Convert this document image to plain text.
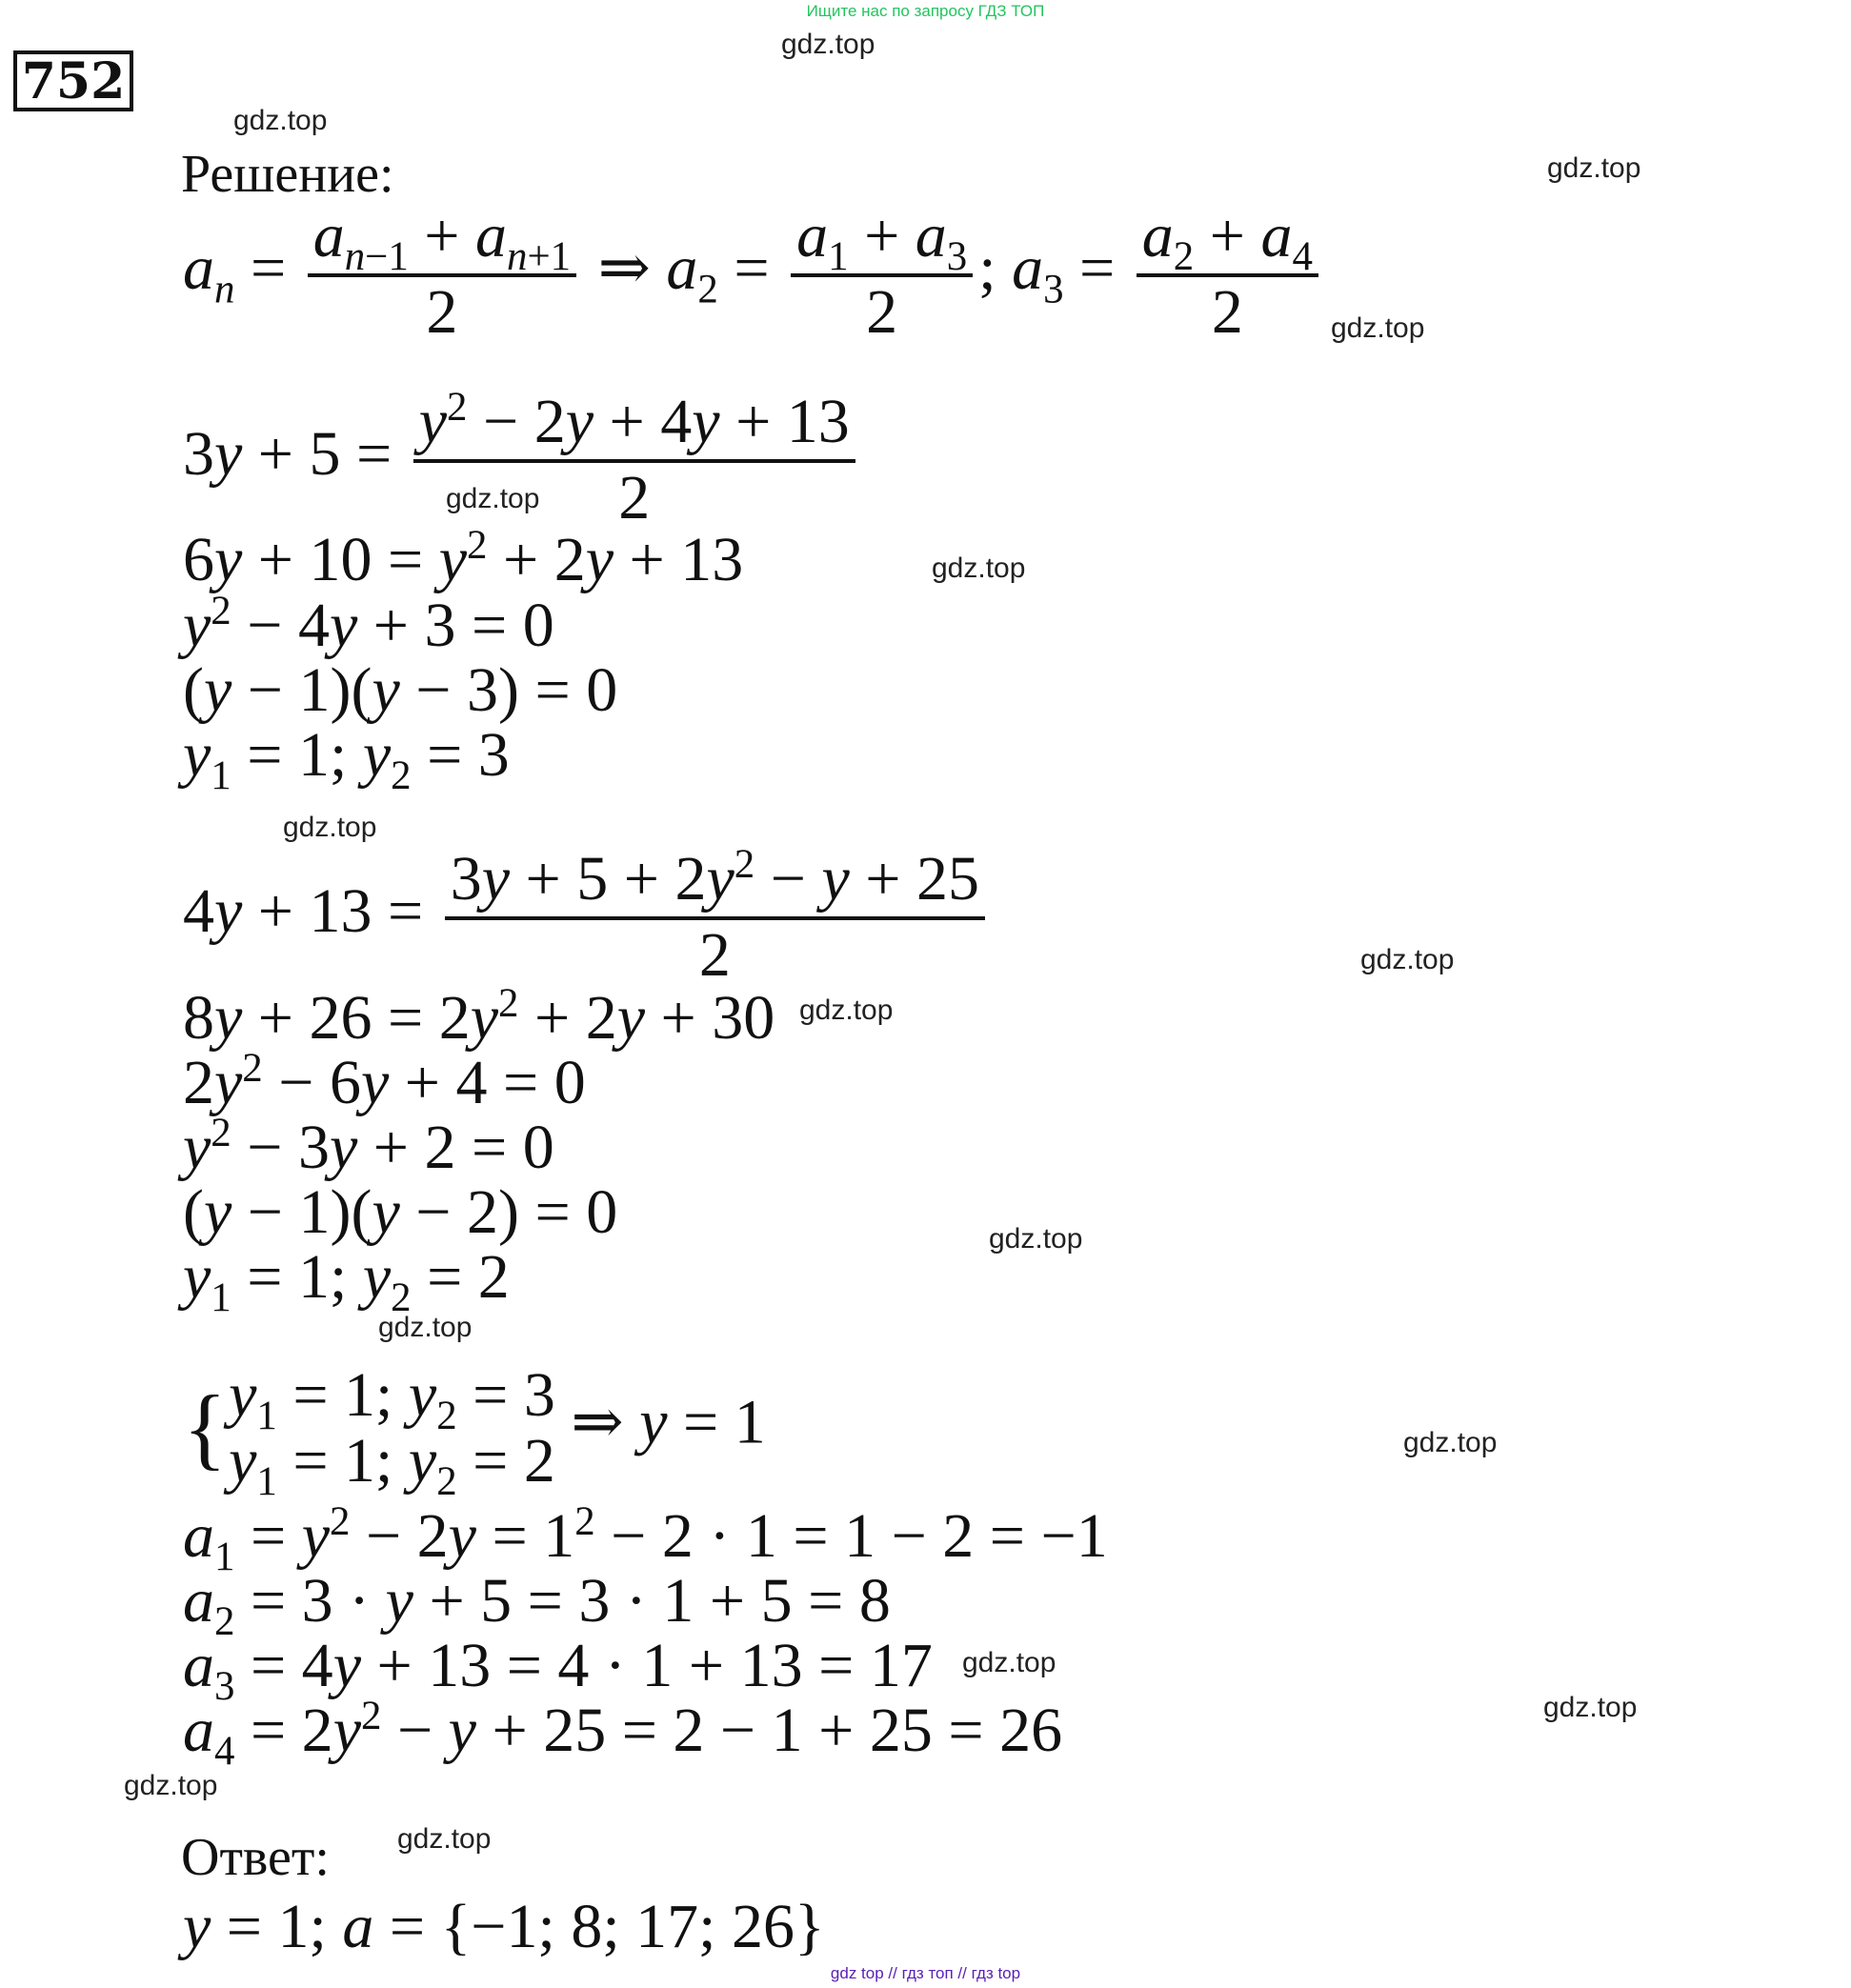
Ищите нас по запросу ГДЗ ТОП
752
gdz.top
gdz.top
gdz.top
gdz.top
gdz.top
gdz.top
gdz.top
gdz.top
gdz.top
gdz.top
gdz.top
gdz.top
gdz.top
gdz.top
gdz.top
gdz.top
Решение:
$a_n = \frac{a_{n-1} + a_{n+1}}{2}$ ⇒ $a_2 = \frac{a_1 + a_3}{2}$ ; $a_3 = \frac{a_2 + a_4}{2}$
$3y + 5 = \frac{y^2 - 2y + 4y + 13}{2}$
$6y + 10 = y^2 + 2y + 13$
$y^2 - 4y + 3 = 0$
(y − 1)(y − 3) = 0
$y_1 = 1$; $y_2 = 3$
$4y + 13 = \frac{3y + 5 + 2y^2 - y + 25}{2}$
$8y + 26 = 2y^2 + 2y + 30$
$2y^2 - 6y + 4 = 0$
$y^2 - 3y + 2 = 0$
(y − 1)(y − 2) = 0
$y_1 = 1$; $y_2 = 2$
{ $y_1 = 1$; $y_2 = 3$
$y_1 = 1$; $y_2 = 2$
⇒ y = 1
$a_1 = y^2 - 2y = 1^2 - 2 \cdot 1 = 1 - 2 = -1$
$a_2 = 3 \cdot y + 5 = 3 \cdot 1 + 5 = 8$
$a_3 = 4y + 13 = 4 \cdot 1 + 13 = 17$
$a_4 = 2y^2 - y + 25 = 2 - 1 + 25 = 26$
Ответ:
y = 1; a = {−1; 8; 17; 26}
gdz top // гдз топ // гдз top
